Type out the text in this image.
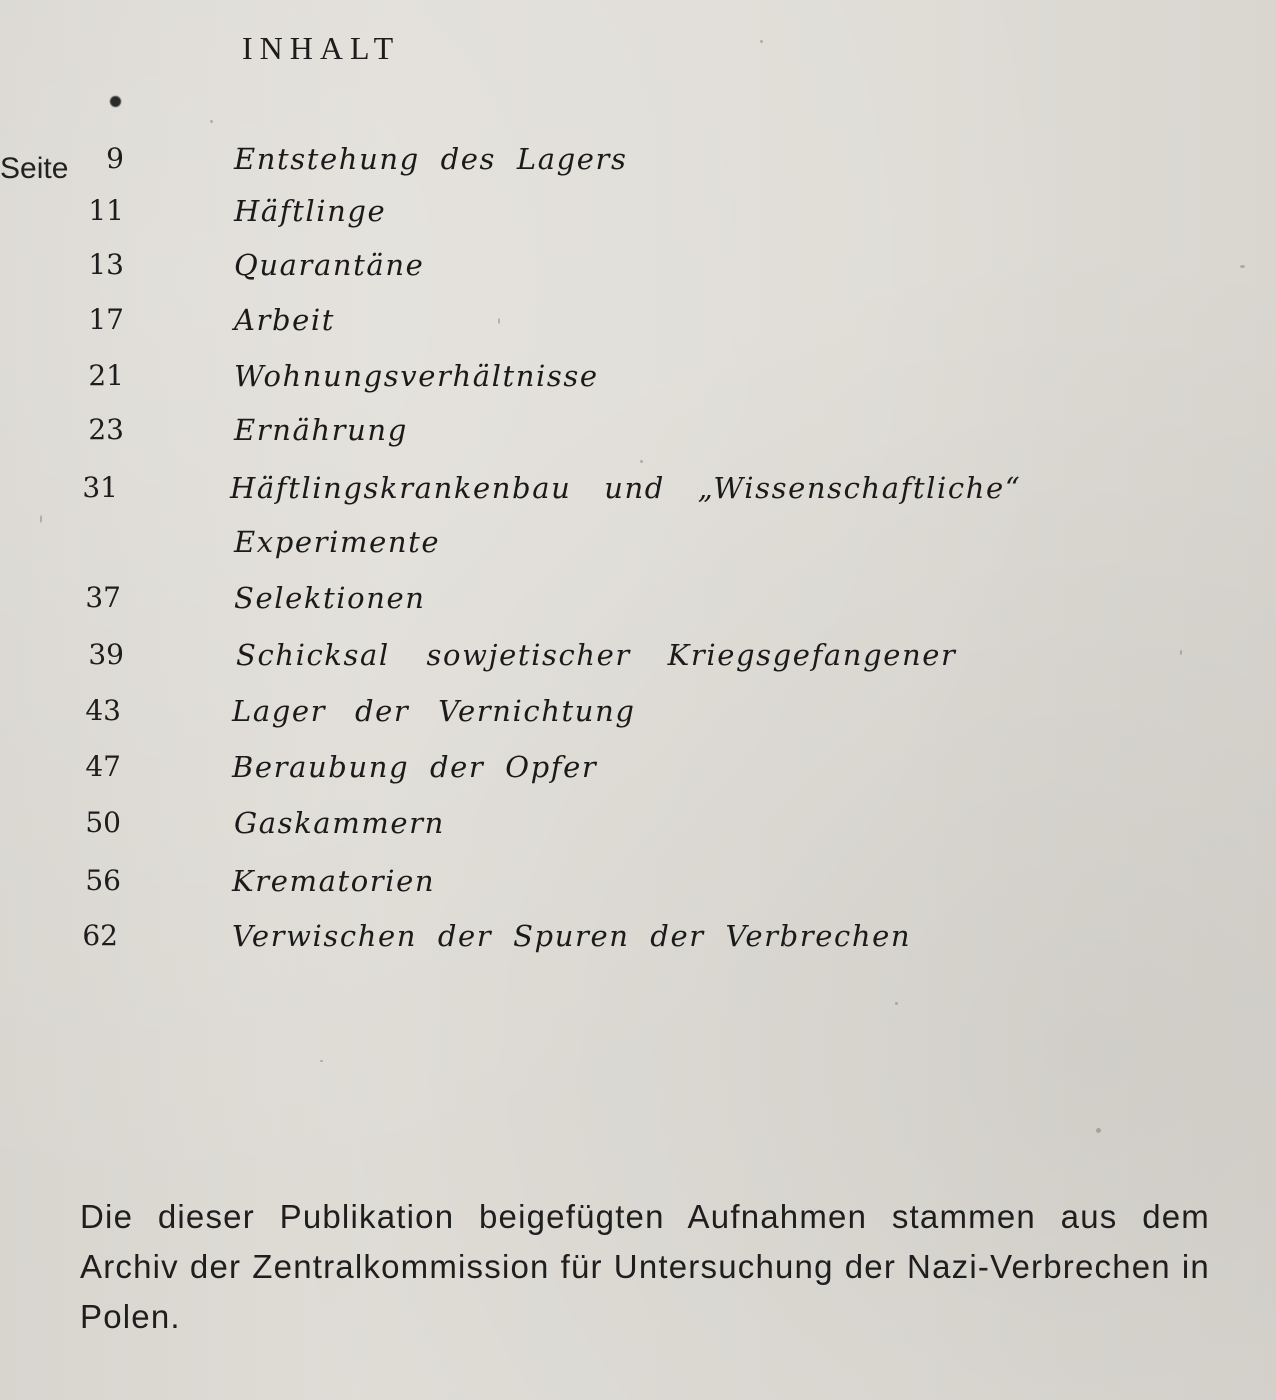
INHALT
Seite	9	Entstehung des Lagers
11	Häftlinge
13	Quarantäne
17	Arbeit
21	Wohnungsverhältnisse
23	Ernährung
31	Häftlingskrankenbau und „Wissenschaftliche“
Experimente
37	Selektionen
39	Schicksal sowjetischer Kriegsgefangener
43	Lager der Vernichtung
47	Beraubung der Opfer
50	Gaskammern
56	Krematorien
62	Verwischen der Spuren der Verbrechen
Die dieser Publikation beigefügten Aufnahmen stammen aus dem Archiv der Zentralkommission für Untersuchung der Nazi-Verbrechen in Polen.
